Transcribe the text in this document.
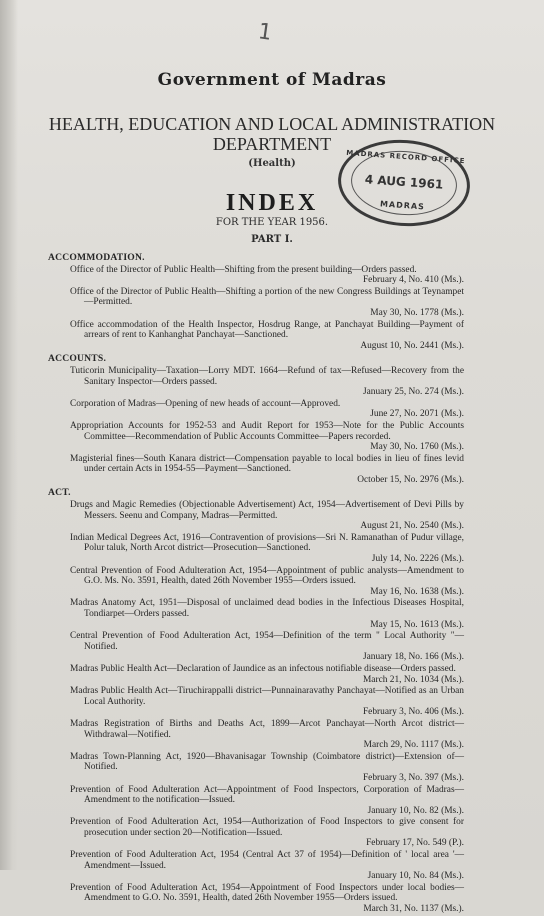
1
Government of Madras
HEALTH, EDUCATION AND LOCAL ADMINISTRATION
DEPARTMENT
(Health)	MADRAS RECORD OFFICE
4 AUG 1961
MADRAS
INDEX
FOR THE YEAR 1956.
PART I.
ACCOMMODATION.
Office of the Director of Public Health—Shifting from the present building—Orders passed.
February 4, No. 410 (Ms.).
Office of the Director of Public Health—Shifting a portion of the new Congress Buildings at Teynampet—Permitted.
May 30, No. 1778 (Ms.).
Office accommodation of the Health Inspector, Hosdrug Range, at Panchayat Building—Payment of arrears of rent to Kanhanghat Panchayat—Sanctioned.
August 10, No. 2441 (Ms.).
ACCOUNTS.
Tuticorin Municipality—Taxation—Lorry MDT. 1664—Refund of tax—Refused—Recovery from the Sanitary Inspector—Orders passed.
January 25, No. 274 (Ms.).
Corporation of Madras—Opening of new heads of account—Approved.
June 27, No. 2071 (Ms.).
Appropriation Accounts for 1952-53 and Audit Report for 1953—Note for the Public Accounts Committee—Recommendation of Public Accounts Committee—Papers recorded.
May 30, No. 1760 (Ms.).
Magisterial fines—South Kanara district—Compensation payable to local bodies in lieu of fines levid under certain Acts in 1954-55—Payment—Sanctioned.
October 15, No. 2976 (Ms.).
ACT.
Drugs and Magic Remedies (Objectionable Advertisement) Act, 1954—Advertisement of Devi Pills by Messers. Seenu and Company, Madras—Permitted.
August 21, No. 2540 (Ms.).
Indian Medical Degrees Act, 1916—Contravention of provisions—Sri N. Ramanathan of Pudur village, Polur taluk, North Arcot district—Prosecution—Sanctioned.
July 14, No. 2226 (Ms.).
Central Prevention of Food Adulteration Act, 1954—Appointment of public analysts—Amendment to G.O. Ms. No. 3591, Health, dated 26th November 1955—Orders issued.
May 16, No. 1638 (Ms.).
Madras Anatomy Act, 1951—Disposal of unclaimed dead bodies in the Infectious Diseases Hospital, Tondiarpet—Orders passed.
May 15, No. 1613 (Ms.).
Central Prevention of Food Adulteration Act, 1954—Definition of the term " Local Authority "—Notified.
January 18, No. 166 (Ms.).
Madras Public Health Act—Declaration of Jaundice as an infectous notifiable disease—Orders passed.
March 21, No. 1034 (Ms.).
Madras Public Health Act—Tiruchirappalli district—Punnainaravathy Panchayat—Notified as an Urban Local Authority.
February 3, No. 406 (Ms.).
Madras Registration of Births and Deaths Act, 1899—Arcot Panchayat—North Arcot district—Withdrawal—Notified.
March 29, No. 1117 (Ms.).
Madras Town-Planning Act, 1920—Bhavanisagar Township (Coimbatore district)—Extension of—Notified.
February 3, No. 397 (Ms.).
Prevention of Food Adulteration Act—Appointment of Food Inspectors, Corporation of Madras—Amendment to the notification—Issued.
January 10, No. 82 (Ms.).
Prevention of Food Adulteration Act, 1954—Authorization of Food Inspectors to give consent for prosecution under section 20—Notification—Issued.
February 17, No. 549 (P.).
Prevention of Food Adulteration Act, 1954 (Central Act 37 of 1954)—Definition of ' local area '—Amendment—Issued.
January 10, No. 84 (Ms.).
Prevention of Food Adulteration Act, 1954—Appointment of Food Inspectors under local bodies—Amendment to G.O. No. 3591, Health, dated 26th November 1955—Orders issued.
March 31, No. 1137 (Ms.).
